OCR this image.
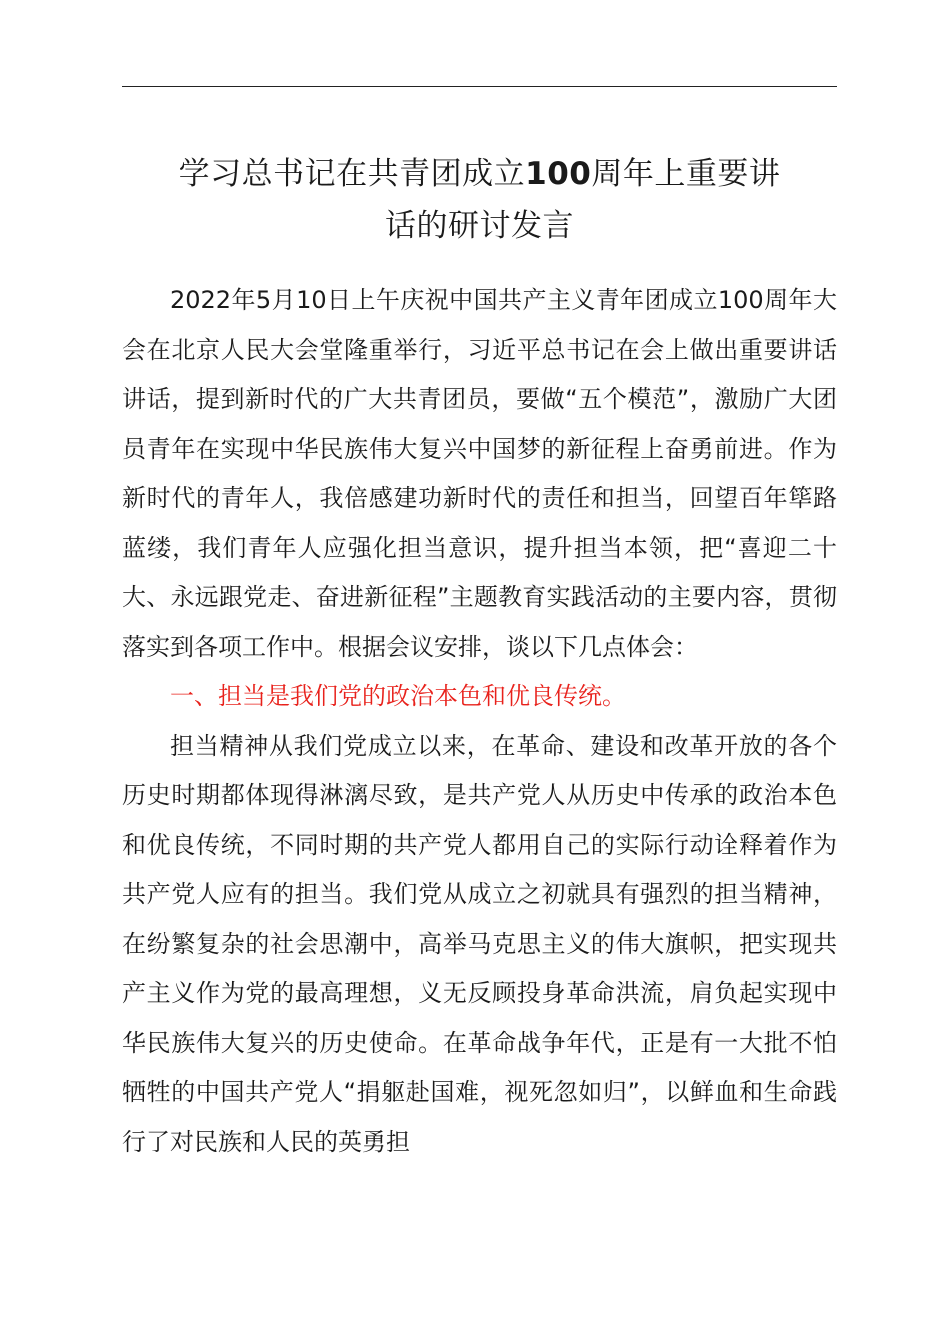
学习总书记在共青团成立100周年上重要讲
话的研讨发言

2022年5月10日上午庆祝中国共产主义青年团成立100周年大会在北京人民大会堂隆重举行，习近平总书记在会上做出重要讲话讲话，提到新时代的广大共青团员，要做“五个模范”，激励广大团员青年在实现中华民族伟大复兴中国梦的新征程上奋勇前进。作为新时代的青年人，我倍感建功新时代的责任和担当，回望百年筚路蓝缕，我们青年人应强化担当意识，提升担当本领，把“喜迎二十大、永远跟党走、奋进新征程”主题教育实践活动的主要内容，贯彻落实到各项工作中。根据会议安排，谈以下几点体会：

一、担当是我们党的政治本色和优良传统。

担当精神从我们党成立以来，在革命、建设和改革开放的各个历史时期都体现得淋漓尽致，是共产党人从历史中传承的政治本色和优良传统，不同时期的共产党人都用自己的实际行动诠释着作为共产党人应有的担当。我们党从成立之初就具有强烈的担当精神，在纷繁复杂的社会思潮中，高举马克思主义的伟大旗帜，把实现共产主义作为党的最高理想，义无反顾投身革命洪流，肩负起实现中华民族伟大复兴的历史使命。在革命战争年代，正是有一大批不怕牺牲的中国共产党人“捐躯赴国难，视死忽如归”，以鲜血和生命践行了对民族和人民的英勇担
